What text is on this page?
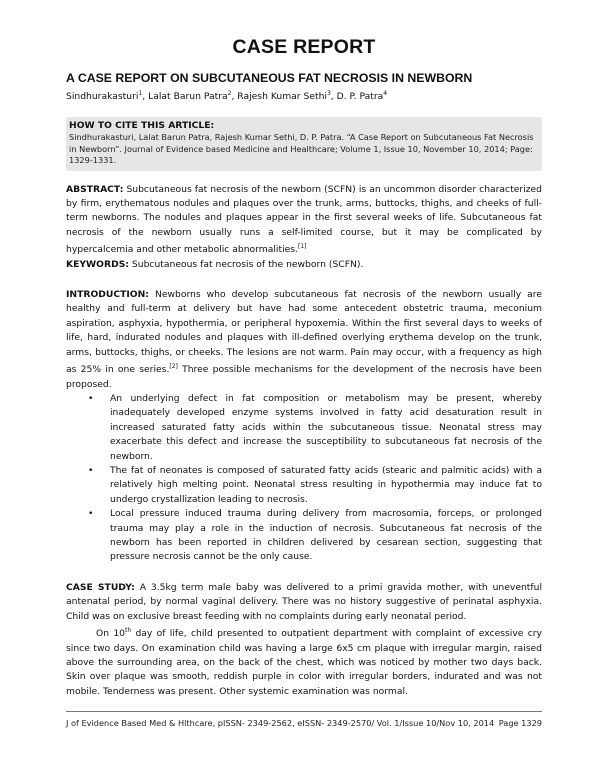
CASE REPORT
A CASE REPORT ON SUBCUTANEOUS FAT NECROSIS IN NEWBORN
Sindhurakasturi$^1$, Lalat Barun Patra$^2$, Rajesh Kumar Sethi$^3$, D. P. Patra$^4$
HOW TO CITE THIS ARTICLE:
Sindhurakasturi, Lalat Barun Patra, Rajesh Kumar Sethi, D. P. Patra. “A Case Report on Subcutaneous Fat Necrosis in Newborn”. Journal of Evidence based Medicine and Healthcare; Volume 1, Issue 10, November 10, 2014; Page: 1329-1331.

ABSTRACT: Subcutaneous fat necrosis of the newborn (SCFN) is an uncommon disorder characterized by firm, erythematous nodules and plaques over the trunk, arms, buttocks, thighs, and cheeks of full-term newborns. The nodules and plaques appear in the first several weeks of life. Subcutaneous fat necrosis of the newborn usually runs a self-limited course, but it may be complicated by hypercalcemia and other metabolic abnormalities.[1]

KEYWORDS: Subcutaneous fat necrosis of the newborn (SCFN).

INTRODUCTION: Newborns who develop subcutaneous fat necrosis of the newborn usually are healthy and full-term at delivery but have had some antecedent obstetric trauma, meconium aspiration, asphyxia, hypothermia, or peripheral hypoxemia. Within the first several days to weeks of life, hard, indurated nodules and plaques with ill-defined overlying erythema develop on the trunk, arms, buttocks, thighs, or cheeks. The lesions are not warm. Pain may occur, with a frequency as high as 25% in one series.[2] Three possible mechanisms for the development of the necrosis have been proposed.

• An underlying defect in fat composition or metabolism may be present, whereby inadequately developed enzyme systems involved in fatty acid desaturation result in increased saturated fatty acids within the subcutaneous tissue. Neonatal stress may exacerbate this defect and increase the susceptibility to subcutaneous fat necrosis of the newborn.
• The fat of neonates is composed of saturated fatty acids (stearic and palmitic acids) with a relatively high melting point. Neonatal stress resulting in hypothermia may induce fat to undergo crystallization leading to necrosis.
• Local pressure induced trauma during delivery from macrosomia, forceps, or prolonged trauma may play a role in the induction of necrosis. Subcutaneous fat necrosis of the newborn has been reported in children delivered by cesarean section, suggesting that pressure necrosis cannot be the only cause.

CASE STUDY: A 3.5kg term male baby was delivered to a primi gravida mother, with uneventful antenatal period, by normal vaginal delivery. There was no history suggestive of perinatal asphyxia. Child was on exclusive breast feeding with no complaints during early neonatal period.

On 10th day of life, child presented to outpatient department with complaint of excessive cry since two days. On examination child was having a large 6x5 cm plaque with irregular margin, raised above the surrounding area, on the back of the chest, which was noticed by mother two days back. Skin over plaque was smooth, reddish purple in color with irregular borders, indurated and was not mobile. Tenderness was present. Other systemic examination was normal.

J of Evidence Based Med & Hlthcare, pISSN- 2349-2562, eISSN- 2349-2570/ Vol. 1/Issue 10/Nov 10, 2014 Page 1329
